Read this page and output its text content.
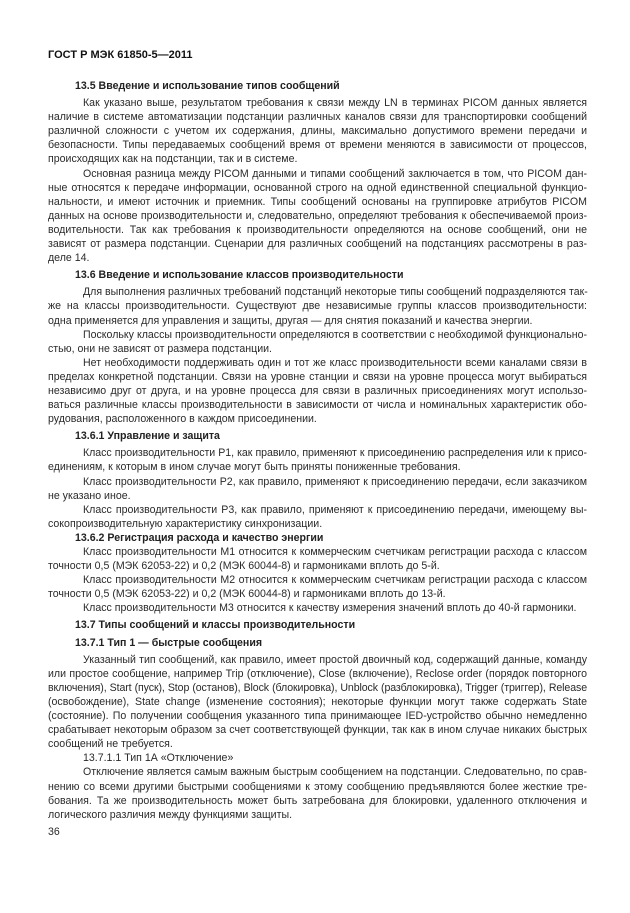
ГОСТ Р МЭК 61850-5—2011
13.5 Введение и использование типов сообщений
Как указано выше, результатом требования к связи между LN в терминах PICOM данных является
наличие в системе автоматизации подстанции различных каналов связи для транспортировки сообщений
различной сложности с учетом их содержания, длины, максимально допустимого времени передачи и
безопасности. Типы передаваемых сообщений время от времени меняются в зависимости от процессов,
происходящих как на подстанции, так и в системе.
Основная разница между PICOM данными и типами сообщений заключается в том, что PICOM дан-
ные относятся к передаче информации, основанной строго на одной единственной специальной функцио-
нальности, и имеют источник и приемник. Типы сообщений основаны на группировке атрибутов PICOM
данных на основе производительности и, следовательно, определяют требования к обеспечиваемой произ-
водительности. Так как требования к производительности определяются на основе сообщений, они не
зависят от размера подстанции. Сценарии для различных сообщений на подстанциях рассмотрены в раз-
деле 14.
13.6 Введение и использование классов производительности
Для выполнения различных требований подстанций некоторые типы сообщений подразделяются так-
же на классы производительности. Существуют две независимые группы классов производительности:
одна применяется для управления и защиты, другая — для снятия показаний и качества энергии.
Поскольку классы производительности определяются в соответствии с необходимой функционально-
стью, они не зависят от размера подстанции.
Нет необходимости поддерживать один и тот же класс производительности всеми каналами связи в
пределах конкретной подстанции. Связи на уровне станции и связи на уровне процесса могут выбираться
независимо друг от друга, и на уровне процесса для связи в различных присоединениях могут использо-
ваться различные классы производительности в зависимости от числа и номинальных характеристик обо-
рудования, расположенного в каждом присоединении.
13.6.1 Управление и защита
Класс производительности P1, как правило, применяют к присоединению распределения или к присо-
единениям, к которым в ином случае могут быть приняты пониженные требования.
Класс производительности P2, как правило, применяют к присоединению передачи, если заказчиком
не указано иное.
Класс производительности P3, как правило, применяют к присоединению передачи, имеющему вы-
сокопроизводительную характеристику синхронизации.
13.6.2 Регистрация расхода и качество энергии
Класс производительности M1 относится к коммерческим счетчикам регистрации расхода с классом
точности 0,5 (МЭК 62053-22) и 0,2 (МЭК 60044-8) и гармониками вплоть до 5-й.
Класс производительности M2 относится к коммерческим счетчикам регистрации расхода с классом
точности 0,5 (МЭК 62053-22) и 0,2 (МЭК 60044-8) и гармониками вплоть до 13-й.
Класс производительности M3 относится к качеству измерения значений вплоть до 40-й гармоники.
13.7 Типы сообщений и классы производительности
13.7.1 Тип 1 — быстрые сообщения
Указанный тип сообщений, как правило, имеет простой двоичный код, содержащий данные, команду
или простое сообщение, например Trip (отключение), Close (включение), Reclose order (порядок повторного
включения), Start (пуск), Stop (останов), Block (блокировка), Unblock (разблокировка), Trigger (триггер), Release
(освобождение), State change (изменение состояния); некоторые функции могут также содержать State
(состояние). По получении сообщения указанного типа принимающее IED-устройство обычно немедленно
срабатывает некоторым образом за счет соответствующей функции, так как в ином случае никаких быстрых
сообщений не требуется.
13.7.1.1 Тип 1А «Отключение»
Отключение является самым важным быстрым сообщением на подстанции. Следовательно, по срав-
нению со всеми другими быстрыми сообщениями к этому сообщению предъявляются более жесткие тре-
бования. Та же производительность может быть затребована для блокировки, удаленного отключения и
логического различия между функциями защиты.
36
